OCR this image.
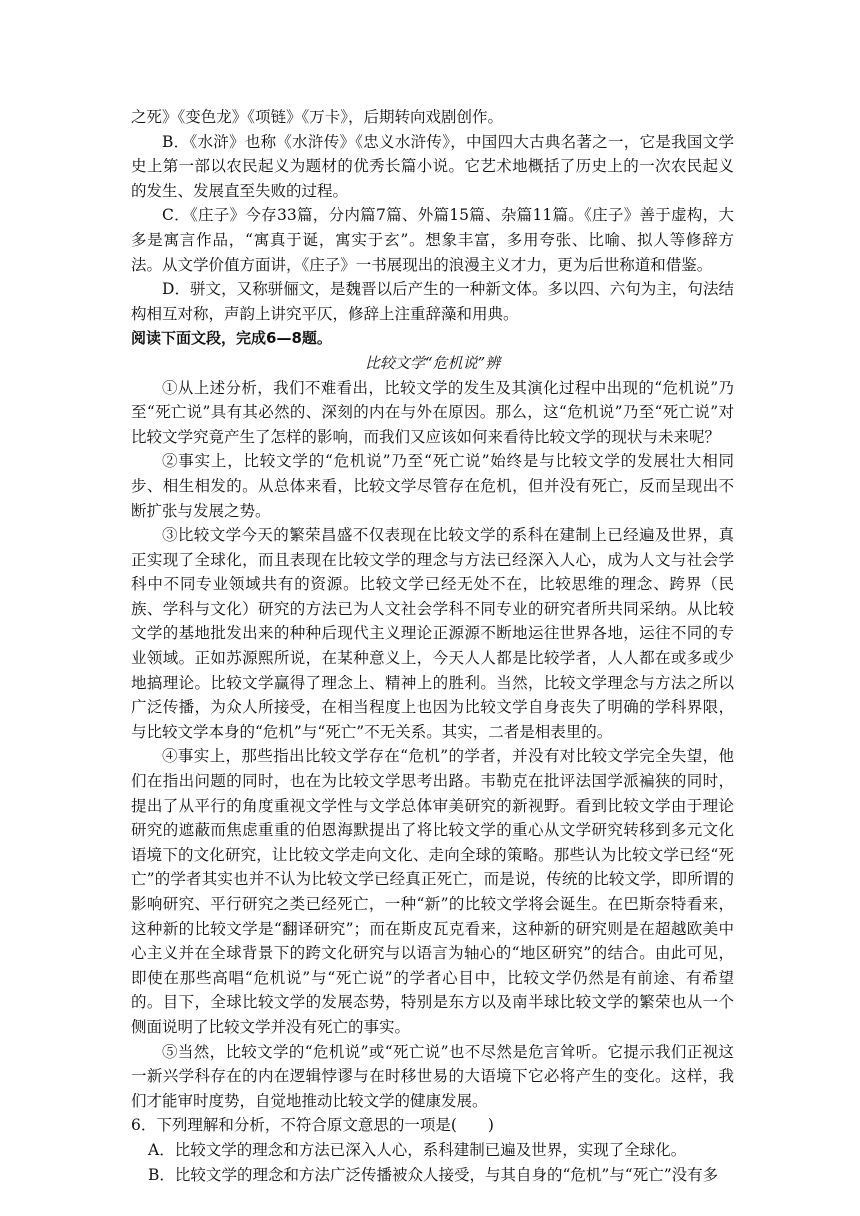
之死》《变色龙》《项链》《万卡》，后期转向戏剧创作。

B．《水浒》也称《水浒传》《忠义水浒传》，中国四大古典名著之一，它是我国文学史上第一部以农民起义为题材的优秀长篇小说。它艺术地概括了历史上的一次农民起义的发生、发展直至失败的过程。

C．《庄子》今存33篇，分内篇7篇、外篇15篇、杂篇11篇。《庄子》善于虚构，大多是寓言作品，“寓真于诞，寓实于玄”。想象丰富，多用夸张、比喻、拟人等修辞方法。从文学价值方面讲，《庄子》一书展现出的浪漫主义才力，更为后世称道和借鉴。

D．骈文，又称骈俪文，是魏晋以后产生的一种新文体。多以四、六句为主，句法结构相互对称，声韵上讲究平仄，修辞上注重辞藻和用典。

阅读下面文段，完成6—8题。

比较文学“危机说”辨

①从上述分析，我们不难看出，比较文学的发生及其演化过程中出现的“危机说”乃至“死亡说”具有其必然的、深刻的内在与外在原因。那么，这“危机说”乃至“死亡说”对比较文学究竟产生了怎样的影响，而我们又应该如何来看待比较文学的现状与未来呢？

②事实上，比较文学的“危机说”乃至“死亡说”始终是与比较文学的发展壮大相同步、相生相发的。从总体来看，比较文学尽管存在危机，但并没有死亡，反而呈现出不断扩张与发展之势。

③比较文学今天的繁荣昌盛不仅表现在比较文学的系科在建制上已经遍及世界，真正实现了全球化，而且表现在比较文学的理念与方法已经深入人心，成为人文与社会学科中不同专业领域共有的资源。比较文学已经无处不在，比较思维的理念、跨界（民族、学科与文化）研究的方法已为人文社会学科不同专业的研究者所共同采纳。从比较文学的基地批发出来的种种后现代主义理论正源源不断地运往世界各地，运往不同的专业领域。正如苏源熙所说，在某种意义上，今天人人都是比较学者，人人都在或多或少地搞理论。比较文学赢得了理念上、精神上的胜利。当然，比较文学理念与方法之所以广泛传播，为众人所接受，在相当程度上也因为比较文学自身丧失了明确的学科界限，与比较文学本身的“危机”与“死亡”不无关系。其实，二者是相表里的。

④事实上，那些指出比较文学存在“危机”的学者，并没有对比较文学完全失望，他们在指出问题的同时，也在为比较文学思考出路。韦勒克在批评法国学派褊狭的同时，提出了从平行的角度重视文学性与文学总体审美研究的新视野。看到比较文学由于理论研究的遮蔽而焦虑重重的伯恩海默提出了将比较文学的重心从文学研究转移到多元文化语境下的文化研究，让比较文学走向文化、走向全球的策略。那些认为比较文学已经“死亡”的学者其实也并不认为比较文学已经真正死亡，而是说，传统的比较文学，即所谓的影响研究、平行研究之类已经死亡，一种“新”的比较文学将会诞生。在巴斯奈特看来，这种新的比较文学是“翻译研究”；而在斯皮瓦克看来，这种新的研究则是在超越欧美中心主义并在全球背景下的跨文化研究与以语言为轴心的“地区研究”的结合。由此可见，即使在那些高唱“危机说”与“死亡说”的学者心目中，比较文学仍然是有前途、有希望的。目下，全球比较文学的发展态势，特别是东方以及南半球比较文学的繁荣也从一个侧面说明了比较文学并没有死亡的事实。

⑤当然，比较文学的“危机说”或“死亡说”也不尽然是危言耸听。它提示我们正视这一新兴学科存在的内在逻辑悖谬与在时移世易的大语境下它必将产生的变化。这样，我们才能审时度势，自觉地推动比较文学的健康发展。

6．下列理解和分析，不符合原文意思的一项是(　　)

A．比较文学的理念和方法已深入人心，系科建制已遍及世界，实现了全球化。

B．比较文学的理念和方法广泛传播被众人接受，与其自身的“危机”与“死亡”没有多
